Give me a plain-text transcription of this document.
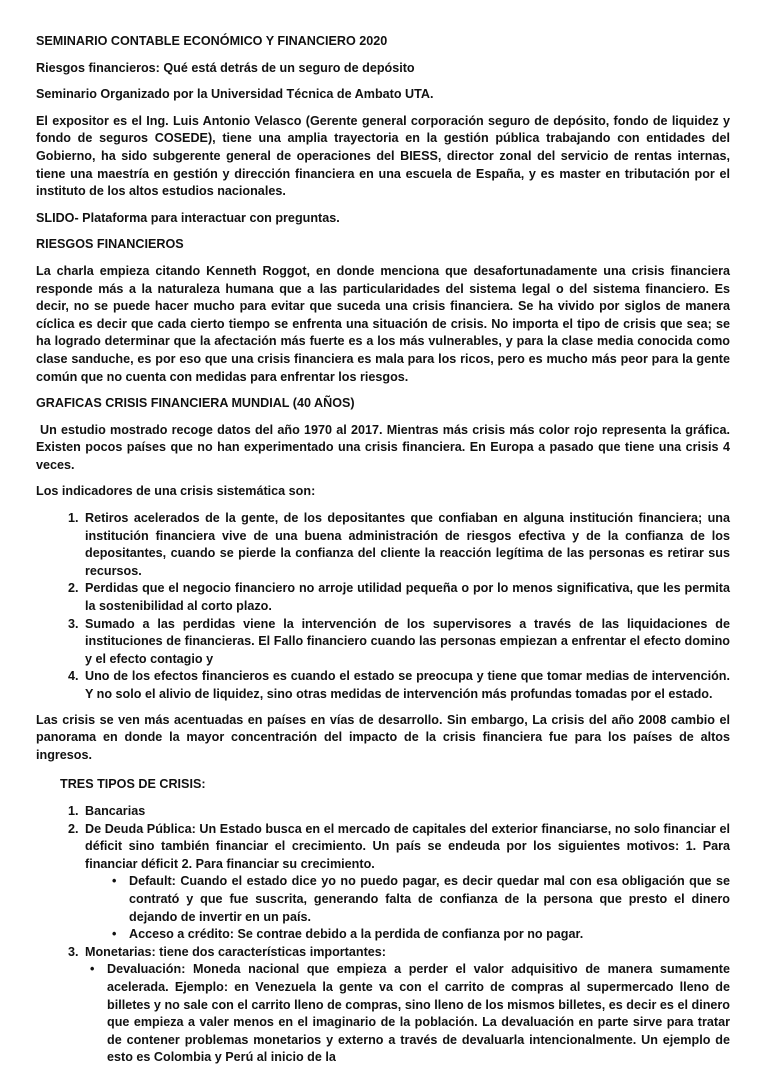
SEMINARIO CONTABLE ECONÓMICO Y FINANCIERO 2020

Riesgos financieros: Qué está detrás de un seguro de depósito

Seminario Organizado por la Universidad Técnica de Ambato UTA.

El expositor es el Ing. Luis Antonio Velasco (Gerente general corporación seguro de depósito, fondo de liquidez y fondo de seguros COSEDE), tiene una amplia trayectoria en la gestión pública trabajando con entidades del Gobierno, ha sido subgerente general de operaciones del BIESS, director zonal del servicio de rentas internas, tiene una maestría en gestión y dirección financiera en una escuela de España, y es master en tributación por el instituto de los altos estudios nacionales.

SLIDO- Plataforma para interactuar con preguntas.

RIESGOS FINANCIEROS

La charla empieza citando Kenneth Roggot, en donde menciona que desafortunadamente una crisis financiera responde más a la naturaleza humana que a las particularidades del sistema legal o del sistema financiero. Es decir, no se puede hacer mucho para evitar que suceda una crisis financiera. Se ha vivido por siglos de manera cíclica es decir que cada cierto tiempo se enfrenta una situación de crisis. No importa el tipo de crisis que sea; se ha logrado determinar que la afectación más fuerte es a los más vulnerables, y para la clase media conocida como clase sanduche, es por eso que una crisis financiera es mala para los ricos, pero es mucho más peor para la gente común que no cuenta con medidas para enfrentar los riesgos.

GRAFICAS CRISIS FINANCIERA MUNDIAL (40 AÑOS)

Un estudio mostrado recoge datos del año 1970 al 2017. Mientras más crisis más color rojo representa la gráfica. Existen pocos países que no han experimentado una crisis financiera. En Europa a pasado que tiene una crisis 4 veces.

Los indicadores de una crisis sistemática son:

1. Retiros acelerados de la gente, de los depositantes que confiaban en alguna institución financiera; una institución financiera vive de una buena administración de riesgos efectiva y de la confianza de los depositantes, cuando se pierde la confianza del cliente la reacción legítima de las personas es retirar sus recursos.
2. Perdidas que el negocio financiero no arroje utilidad pequeña o por lo menos significativa, que les permita la sostenibilidad al corto plazo.
3. Sumado a las perdidas viene la intervención de los supervisores a través de las liquidaciones de instituciones de financieras. El Fallo financiero cuando las personas empiezan a enfrentar el efecto domino y el efecto contagio y
4. Uno de los efectos financieros es cuando el estado se preocupa y tiene que tomar medias de intervención. Y no solo el alivio de liquidez, sino otras medidas de intervención más profundas tomadas por el estado.

Las crisis se ven más acentuadas en países en vías de desarrollo. Sin embargo, La crisis del año 2008 cambio el panorama en donde la mayor concentración del impacto de la crisis financiera fue para los países de altos ingresos.

TRES TIPOS DE CRISIS:

1. Bancarias
2. De Deuda Pública: Un Estado busca en el mercado de capitales del exterior financiarse, no solo financiar el déficit sino también financiar el crecimiento. Un país se endeuda por los siguientes motivos: 1. Para financiar déficit 2. Para financiar su crecimiento.
• Default: Cuando el estado dice yo no puedo pagar, es decir quedar mal con esa obligación que se contrató y que fue suscrita, generando falta de confianza de la persona que presto el dinero dejando de invertir en un país.
• Acceso a crédito: Se contrae debido a la perdida de confianza por no pagar.
3. Monetarias: tiene dos características importantes:
• Devaluación: Moneda nacional que empieza a perder el valor adquisitivo de manera sumamente acelerada. Ejemplo: en Venezuela la gente va con el carrito de compras al supermercado lleno de billetes y no sale con el carrito lleno de compras, sino lleno de los mismos billetes, es decir es el dinero que empieza a valer menos en el imaginario de la población. La devaluación en parte sirve para tratar de contener problemas monetarios y externo a través de devaluarla intencionalmente. Un ejemplo de esto es Colombia y Perú al inicio de la
